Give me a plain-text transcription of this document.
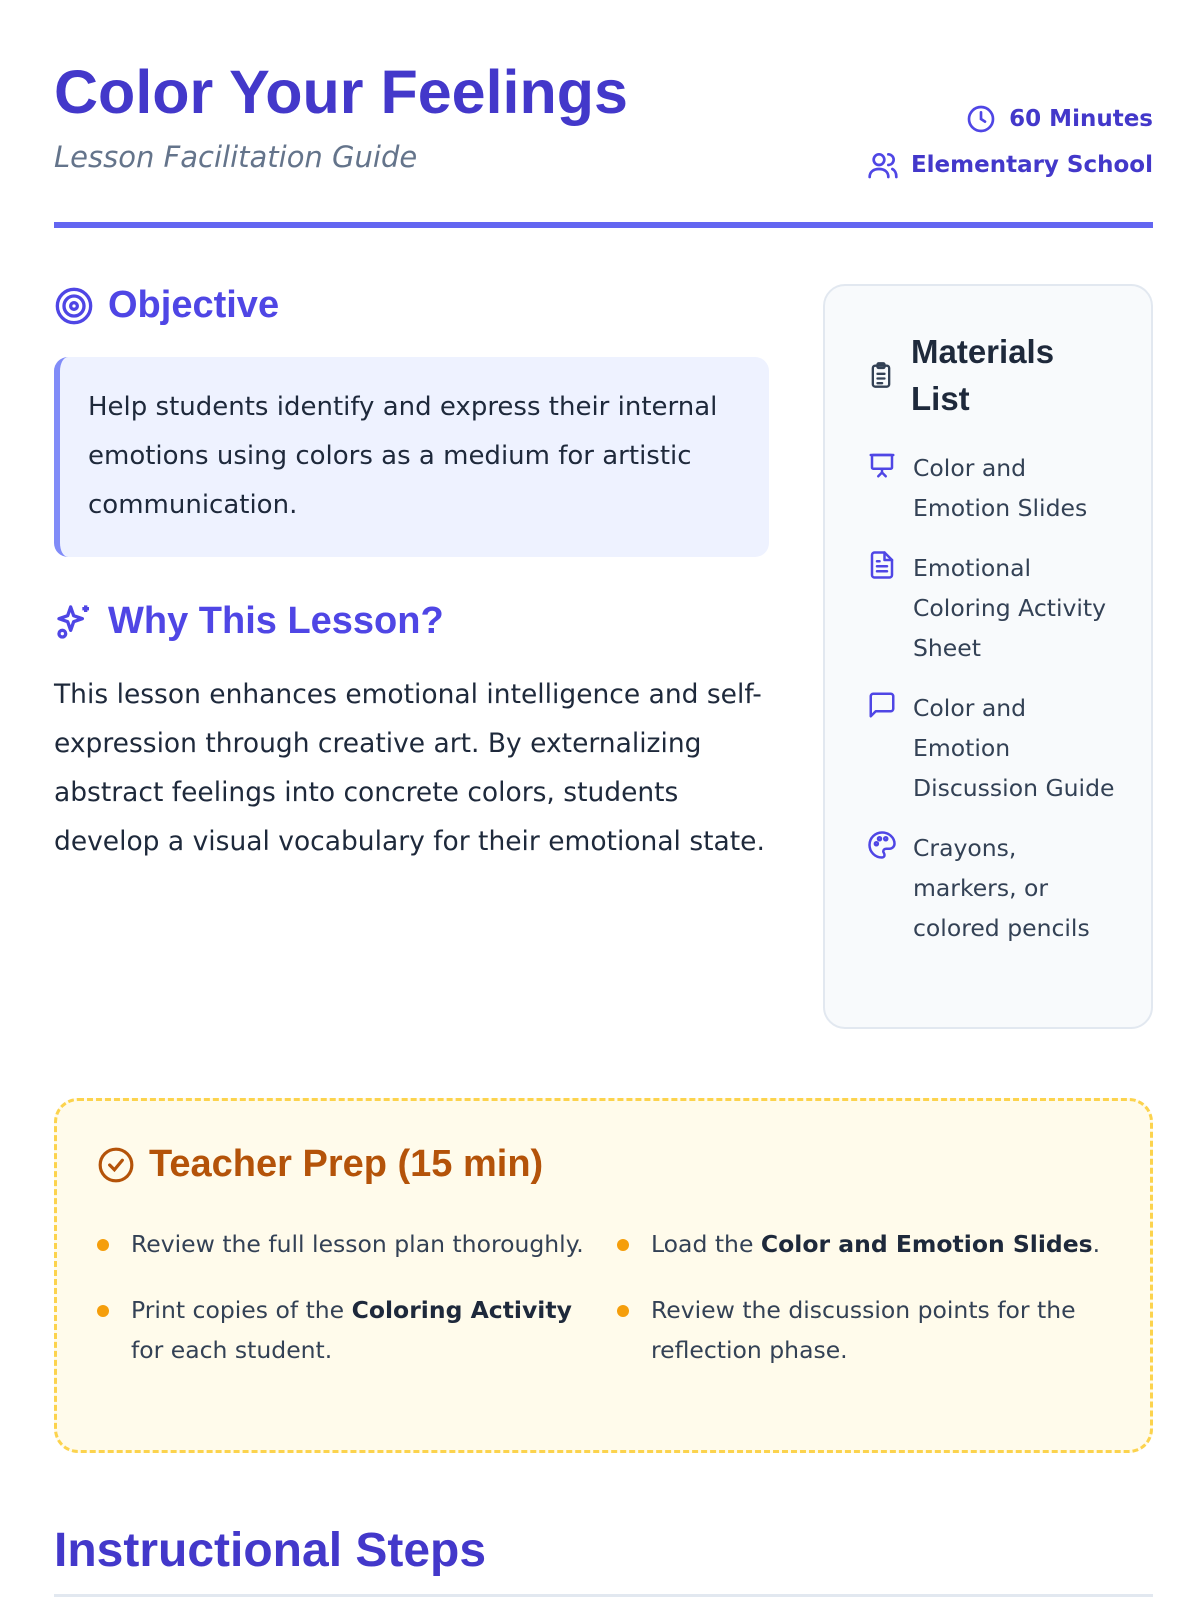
Color Your Feelings
Lesson Facilitation Guide
60 Minutes
Elementary School
Objective
Help students identify and express their internal emotions using colors as a medium for artistic communication.
Why This Lesson?

This lesson enhances emotional intelligence and self-expression through creative art. By externalizing abstract feelings into concrete colors, students develop a visual vocabulary for their emotional state.

Materials List
Color and Emotion Slides
Emotional Coloring Activity Sheet
Color and Emotion Discussion Guide
Crayons, markers, or colored pencils
Teacher Prep (15 min)
Review the full lesson plan thoroughly.	Load the Color and Emotion Slides.
Print copies of the Coloring Activity for each student.
Review the discussion points for the reflection phase.
Instructional Steps
